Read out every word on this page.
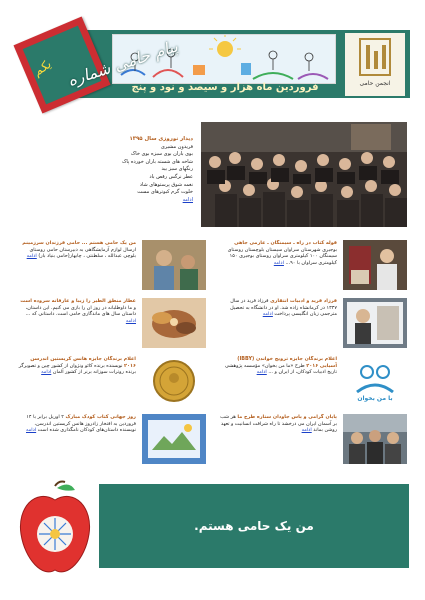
فروردین ماه هزار و سیصد و نود و پنج	انجمن حامی
پیام حامی شماره
یکم
دیدار نوروزی سال ۱۳۹۵
فریدون مشیری
بوی باران بوی سبزه بوی خاک
شاخه های شسته باران خورده پاک
رنگهای سبز بید
عطر نرگس رقص باد
نغمه شوق پرستوهای شاد
خلوت گرم کبوترهای مست
ادامه
قوله کتاب در راه ـ سیمنگان ـ عارمی جاهی بوجیری شهرستان سراوان سیستان بلوچستان روستای سیمنگان ۱۰۰ کیلومتری سراوان روستای بوجیری ۱۵۰ کیلومتری سراوان با ۹۰... ادامه
من یک حامی هستم ... حامی فرزندان سرزمینم ارسال لوازم آزمایشگاهی به دبیرستان حامی روستای بلوچی عبدالله ، سلطنتی ، چابهار(حامی بنیاد بار) ادامه
فرزاد فرید و ادبیات انتقاری فرزاد فرید در سال ۱۳۴۷ در کرمانشاه زاده شد. او در دانشگاه به تحصیل مترجمی زبان انگلیسی پرداخت ادامه
عطار منطق الطیر را زیبا و عارفانه سروده است و ما داوطلبانه در روز ان را بازی می کنیم. این داستان، داستان سال های ماندگاری حامی است. داستانی که ... ادامه
با من بخوان
اعلام برندگان جایزه ترویج خواندن (IBBY) آسیایی ۲۰۱۶ طرح «ما من بخوان» مؤسسه پژوهشی تاریخ ادبیات کودکان، از ایران و ... ادامه
اعلام برندگان جایزه هانس کریستین اندرسن ۲۰۱۶ نویسنده برنده کائو ونژوان از کشور چین و تصویرگر برنده روترات سوزانه برنر از کشور آلمان ادامه
پایان گرامی و پاس جاودان ستاره طرح ما هر شب بر آسمان ایران می درخشد تا راه شرافت انسانیت و تعهد روشن بماند ادامه
روز جهانی کتاب کودک مبارک ۲ آوریل برابر با ۱۴ فروردین به افتخار زادروز هانس کریستین اندرسن، نویسنده داستان‌های کودکان نامگذاری شده است ادامه
من یک حامی هستم.
